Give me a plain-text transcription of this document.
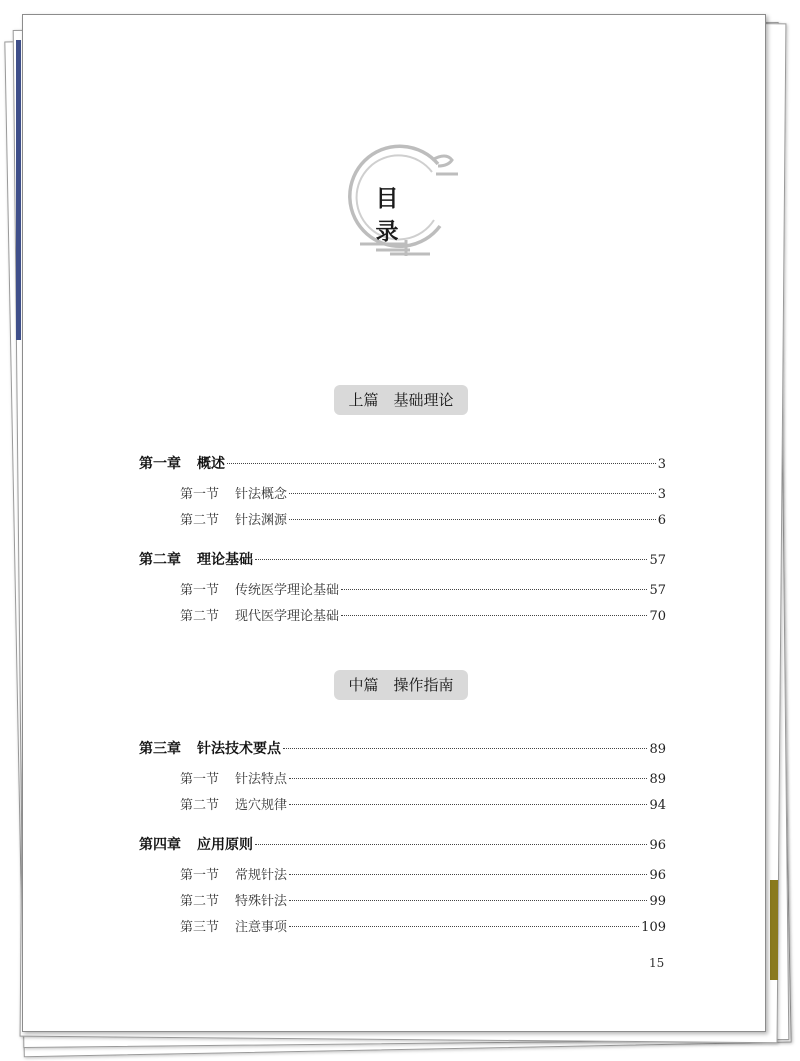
目 录
上篇　基础理论
第一章 概述	3
第一节 针法概念	3
第二节 针法渊源	6
第二章 理论基础	57
第一节 传统医学理论基础	57
第二节 现代医学理论基础	70
中篇　操作指南
第三章 针法技术要点	89
第一节 针法特点	89
第二节 选穴规律	94
第四章 应用原则	96
第一节 常规针法	96
第二节 特殊针法	99
第三节 注意事项	109
15
